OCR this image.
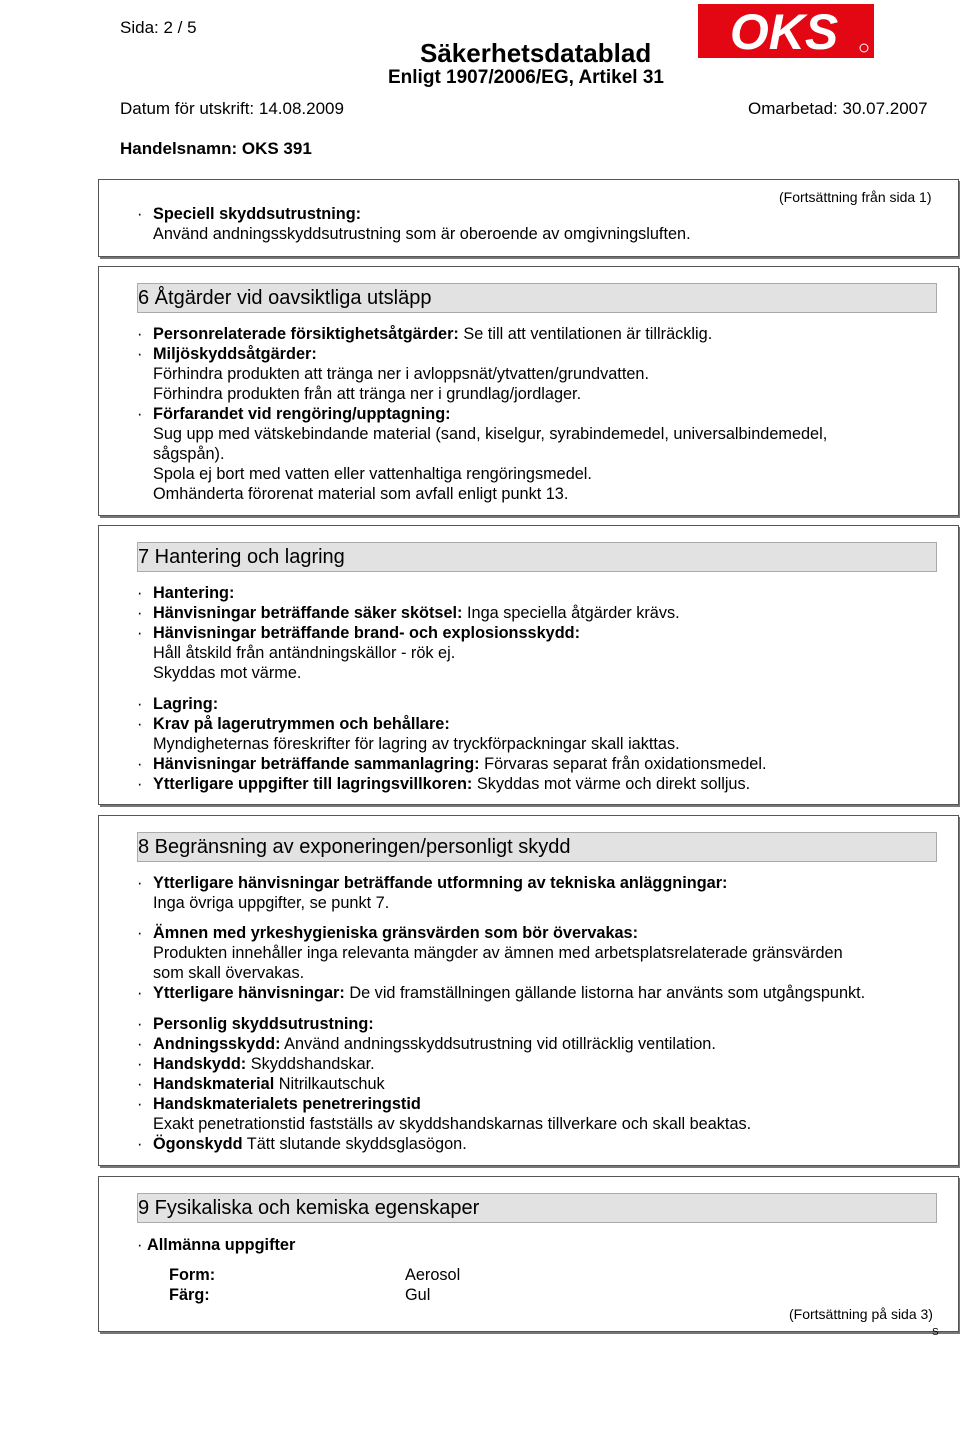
Sida: 2 / 5
Säkerhetsdatablad
Enligt 1907/2006/EG, Artikel 31
OKS
Datum för utskrift: 14.08.2009	Omarbetad: 30.07.2007
Handelsnamn: OKS 391
(Fortsättning från sida 1)
· Speciell skyddsutrustning:
Använd andningsskyddsutrustning som är oberoende av omgivningsluften.
6 Åtgärder vid oavsiktliga utsläpp
· Personrelaterade försiktighetsåtgärder: Se till att ventilationen är tillräcklig.
· Miljöskyddsåtgärder:
Förhindra produkten att tränga ner i avloppsnät/ytvatten/grundvatten.
Förhindra produkten från att tränga ner i grundlag/jordlager.
· Förfarandet vid rengöring/upptagning:
Sug upp med vätskebindande material (sand, kiselgur, syrabindemedel, universalbindemedel,
sågspån).
Spola ej bort med vatten eller vattenhaltiga rengöringsmedel.
Omhänderta förorenat material som avfall enligt punkt 13.
7 Hantering och lagring
· Hantering:
· Hänvisningar beträffande säker skötsel: Inga speciella åtgärder krävs.
· Hänvisningar beträffande brand- och explosionsskydd:
Håll åtskild från antändningskällor - rök ej.
Skyddas mot värme.
· Lagring:
· Krav på lagerutrymmen och behållare:
Myndigheternas föreskrifter för lagring av tryckförpackningar skall iakttas.
· Hänvisningar beträffande sammanlagring: Förvaras separat från oxidationsmedel.
· Ytterligare uppgifter till lagringsvillkoren: Skyddas mot värme och direkt solljus.
8 Begränsning av exponeringen/personligt skydd
· Ytterligare hänvisningar beträffande utformning av tekniska anläggningar:
Inga övriga uppgifter, se punkt 7.
· Ämnen med yrkeshygieniska gränsvärden som bör övervakas:
Produkten innehåller inga relevanta mängder av ämnen med arbetsplatsrelaterade gränsvärden
som skall övervakas.
· Ytterligare hänvisningar: De vid framställningen gällande listorna har använts som utgångspunkt.
· Personlig skyddsutrustning:
· Andningsskydd: Använd andningsskyddsutrustning vid otillräcklig ventilation.
· Handskydd: Skyddshandskar.
· Handskmaterial Nitrilkautschuk
· Handskmaterialets penetreringstid
Exakt penetrationstid fastställs av skyddshandskarnas tillverkare och skall beaktas.
· Ögonskydd Tätt slutande skyddsglasögon.
9 Fysikaliska och kemiska egenskaper
· Allmänna uppgifter
Form:	Aerosol
Färg:	Gul
(Fortsättning på sida 3)
S
